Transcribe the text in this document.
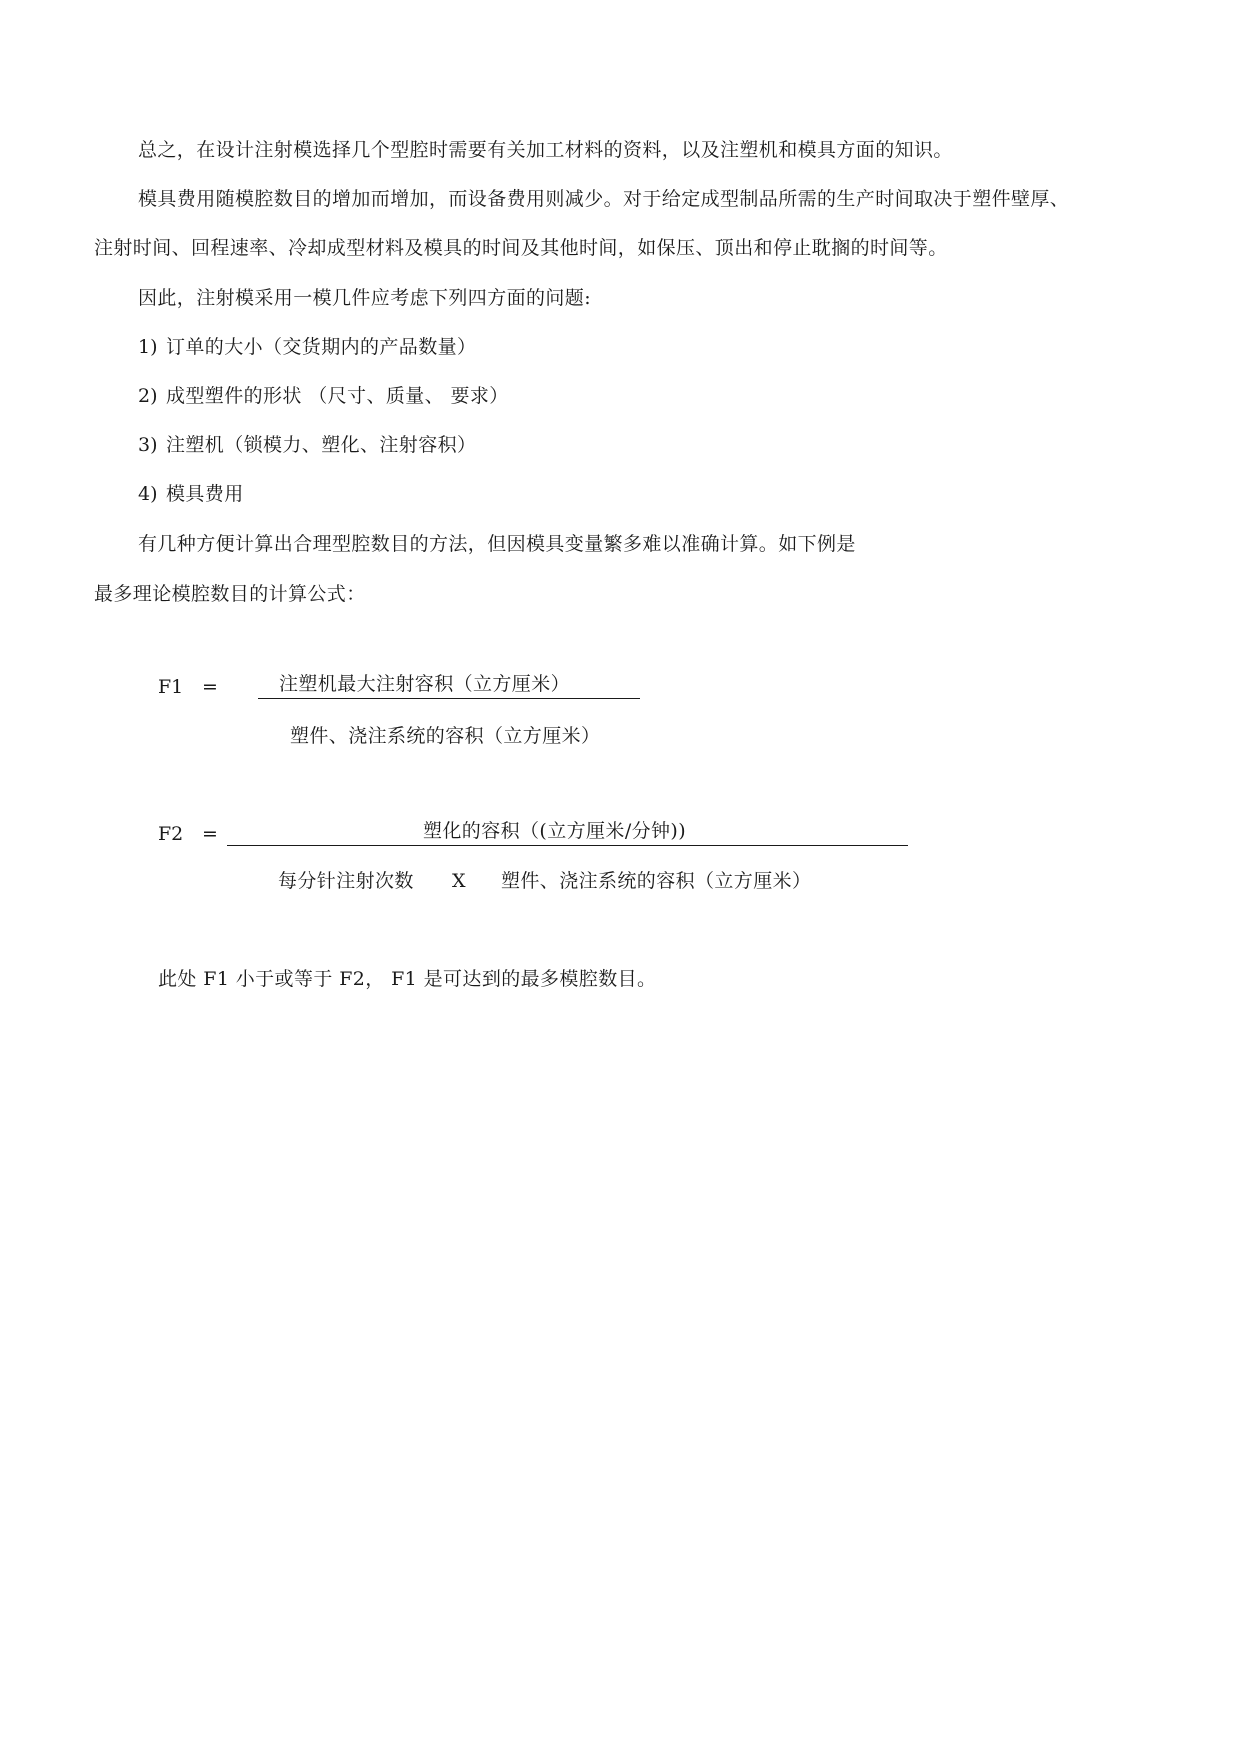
总之，在设计注射模选择几个型腔时需要有关加工材料的资料，以及注塑机和模具方面的知识。
模具费用随模腔数目的增加而增加，而设备费用则减少。对于给定成型制品所需的生产时间取决于塑件壁厚、
注射时间、回程速率、冷却成型材料及模具的时间及其他时间，如保压、顶出和停止耽搁的时间等。
因此，注射模采用一模几件应考虑下列四方面的问题:
1) 订单的大小（交货期内的产品数量）
2) 成型塑件的形状 （尺寸、质量、 要求）
3) 注塑机（锁模力、塑化、注射容积）
4) 模具费用
有几种方便计算出合理型腔数目的方法，但因模具变量繁多难以准确计算。如下例是
最多理论模腔数目的计算公式：
F1 =	注塑机最大注射容积（立方厘米）
塑件、浇注系统的容积（立方厘米）
F2 =	塑化的容积（(立方厘米/分钟))
每分针注射次数 X 塑件、浇注系统的容积（立方厘米）
此处 F1 小于或等于 F2， F1 是可达到的最多模腔数目。
